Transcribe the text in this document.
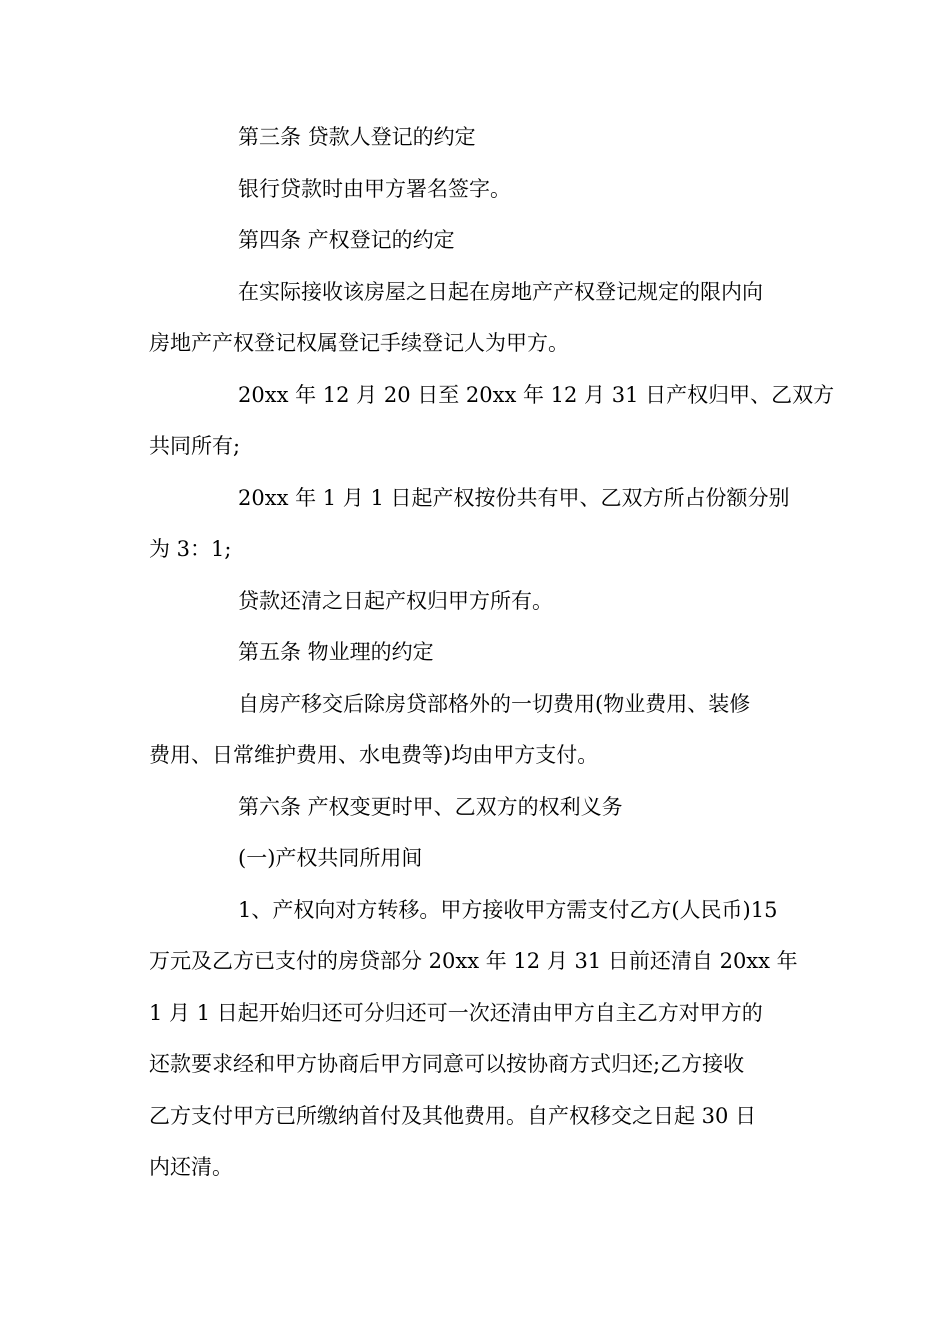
第三条 贷款人登记的约定

银行贷款时由甲方署名签字。

第四条 产权登记的约定

在实际接收该房屋之日起在房地产产权登记规定的限内向
房地产产权登记权属登记手续登记人为甲方。

20xx 年 12 月 20 日至 20xx 年 12 月 31 日产权归甲、乙双方
共同所有;

20xx 年 1 月 1 日起产权按份共有甲、乙双方所占份额分别
为 3：1;

贷款还清之日起产权归甲方所有。

第五条 物业理的约定

自房产移交后除房贷部格外的一切费用(物业费用、装修
费用、日常维护费用、水电费等)均由甲方支付。

第六条 产权变更时甲、乙双方的权利义务

(一)产权共同所用间

1、产权向对方转移。甲方接收甲方需支付乙方(人民币)15
万元及乙方已支付的房贷部分 20xx 年 12 月 31 日前还清自 20xx 年
1 月 1 日起开始归还可分归还可一次还清由甲方自主乙方对甲方的
还款要求经和甲方协商后甲方同意可以按协商方式归还;乙方接收
乙方支付甲方已所缴纳首付及其他费用。自产权移交之日起 30 日
内还清。
